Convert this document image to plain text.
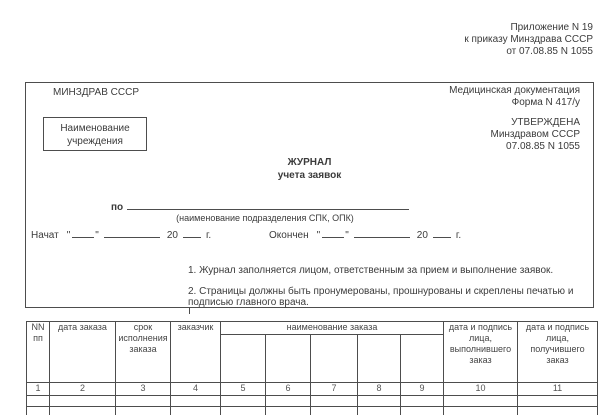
Приложение N 19
к приказу Минздрава СССР
от 07.08.85 N 1055
МИНЗДРАВ СССР	Медицинская документация
Форма N 417/у
Наименование
учреждения
УТВЕРЖДЕНА
Минздравом СССР
07.08.85 N 1055
ЖУРНАЛ
учета заявок
по
(наименование подразделения СПК, ОПК)
Начат "	"	20	г.	Окончен "	"	20	г.
1. Журнал заполняется лицом, ответственным за прием и выполнение заявок.
2. Страницы должны быть пронумерованы, прошнурованы и скреплены печатью и подписью главного врача.
NN пп	дата заказа	срок исполнения заказа	заказчик	наименование заказа					дата и подпись лица, выполнившего заказ	дата и подпись лица, получившего заказ

1	2	3	4	5	6	7	8	9	10	11
